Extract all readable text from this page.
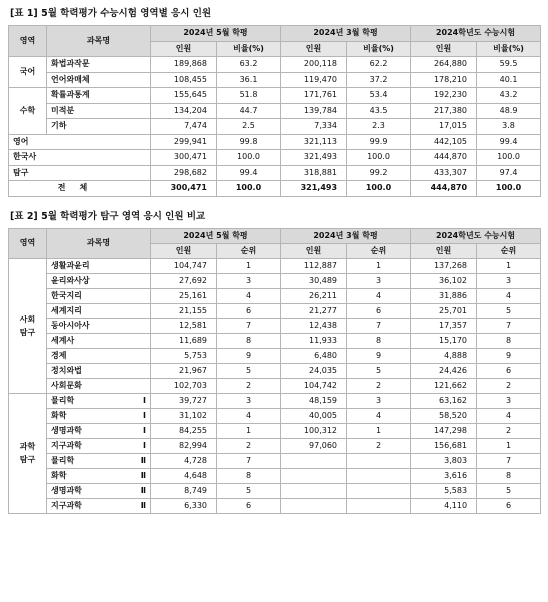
[표 1] 5월 학력평가 수능시험 영역별 응시 인원
영역	과목명	2024년 5월 학평		2024년 3월 학평		2024학년도 수능시험	
		인원	비율(%)	인원	비율(%)	인원	비율(%)
국어	화법과작문	189,868	63.2	200,118	62.2	264,880	59.5

	언어와매체	108,455	36.1	119,470	37.2	178,210	40.1
수학	확률과통계	155,645	51.8	171,761	53.4	192,230	43.2

	미적분	134,204	44.7	139,784	43.5	217,380	48.9

	기하	7,474	2.5	7,334	2.3	17,015	3.8

영어		299,941	99.8	321,113	99.9	442,105	99.4

한국사		300,471	100.0	321,493	100.0	444,870	100.0

탐구		298,682	99.4	318,881	99.2	433,307	97.4
전체		300,471	100.0	321,493	100.0	444,870	100.0
[표 2] 5월 학력평가 탐구 영역 응시 인원 비교
영역	과목명	2024년 5월 학평		2024년 3월 학평		2024학년도 수능시험	
		인원	순위	인원	순위	인원	순위

사회
탐구	생활과윤리	104,747	1	112,887	1	137,268	1

	윤리와사상	27,692	3	30,489	3	36,102	3

	한국지리	25,161	4	26,211	4	31,886	4

	세계지리	21,155	6	21,277	6	25,701	5

	동아시아사	12,581	7	12,438	7	17,357	7

	세계사	11,689	8	11,933	8	15,170	8

	경제	5,753	9	6,480	9	4,888	9

	정치와법	21,967	5	24,035	5	24,426	6

	사회문화	102,703	2	104,742	2	121,662	2

과학
탐구	물리학Ⅰ	39,727	3	48,159	3	63,162	3

	화학Ⅰ	31,102	4	40,005	4	58,520	4

	생명과학Ⅰ	84,255	1	100,312	1	147,298	2

	지구과학Ⅰ	82,994	2	97,060	2	156,681	1

	물리학Ⅱ	4,728	7			3,803	7

	화학Ⅱ	4,648	8			3,616	8

	생명과학Ⅱ	8,749	5			5,583	5

	지구과학Ⅱ	6,330	6			4,110	6
